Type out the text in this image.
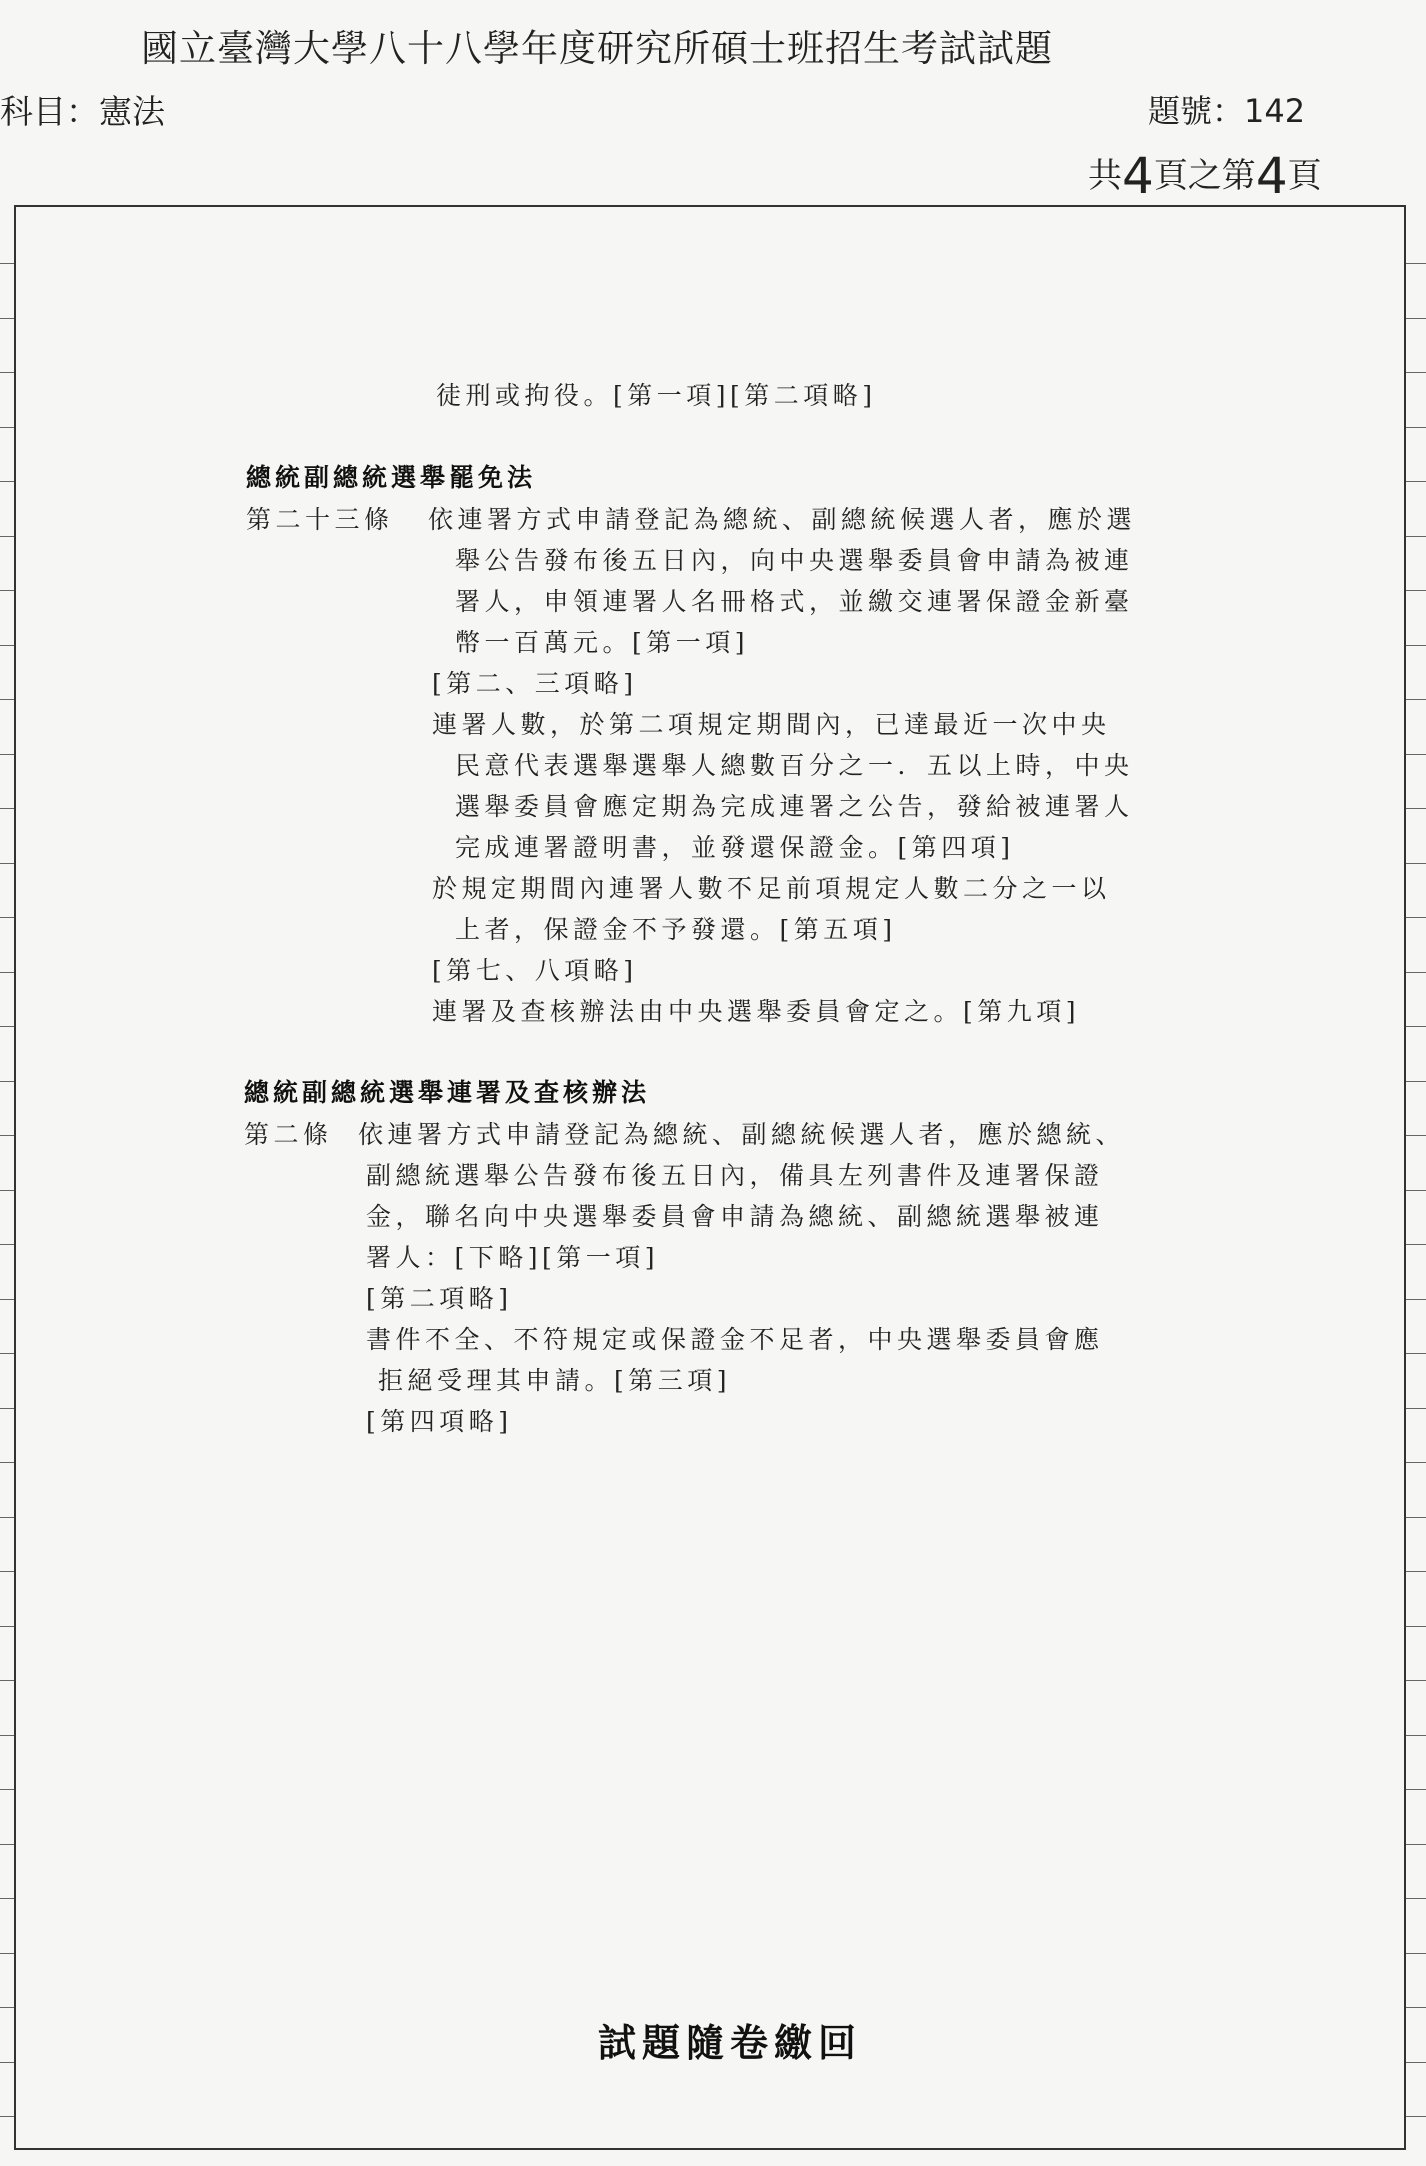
國立臺灣大學八十八學年度研究所碩士班招生考試試題
科目：憲法	題號：142
共4頁之第4頁
徒刑或拘役。[第一項][第二項略]
總統副總統選舉罷免法
第二十三條 依連署方式申請登記為總統、副總統候選人者，應於選
舉公告發布後五日內，向中央選舉委員會申請為被連
署人，申領連署人名冊格式，並繳交連署保證金新臺
幣一百萬元。[第一項]
[第二、三項略]
連署人數，於第二項規定期間內，已達最近一次中央
民意代表選舉選舉人總數百分之一．五以上時，中央
選舉委員會應定期為完成連署之公告，發給被連署人
完成連署證明書，並發還保證金。[第四項]
於規定期間內連署人數不足前項規定人數二分之一以
上者，保證金不予發還。[第五項]
[第七、八項略]
連署及查核辦法由中央選舉委員會定之。[第九項]
總統副總統選舉連署及查核辦法
第二條 依連署方式申請登記為總統、副總統候選人者，應於總統、
副總統選舉公告發布後五日內，備具左列書件及連署保證
金，聯名向中央選舉委員會申請為總統、副總統選舉被連
署人：[下略][第一項]
[第二項略]
書件不全、不符規定或保證金不足者，中央選舉委員會應
拒絕受理其申請。[第三項]
[第四項略]
試題隨卷繳回
